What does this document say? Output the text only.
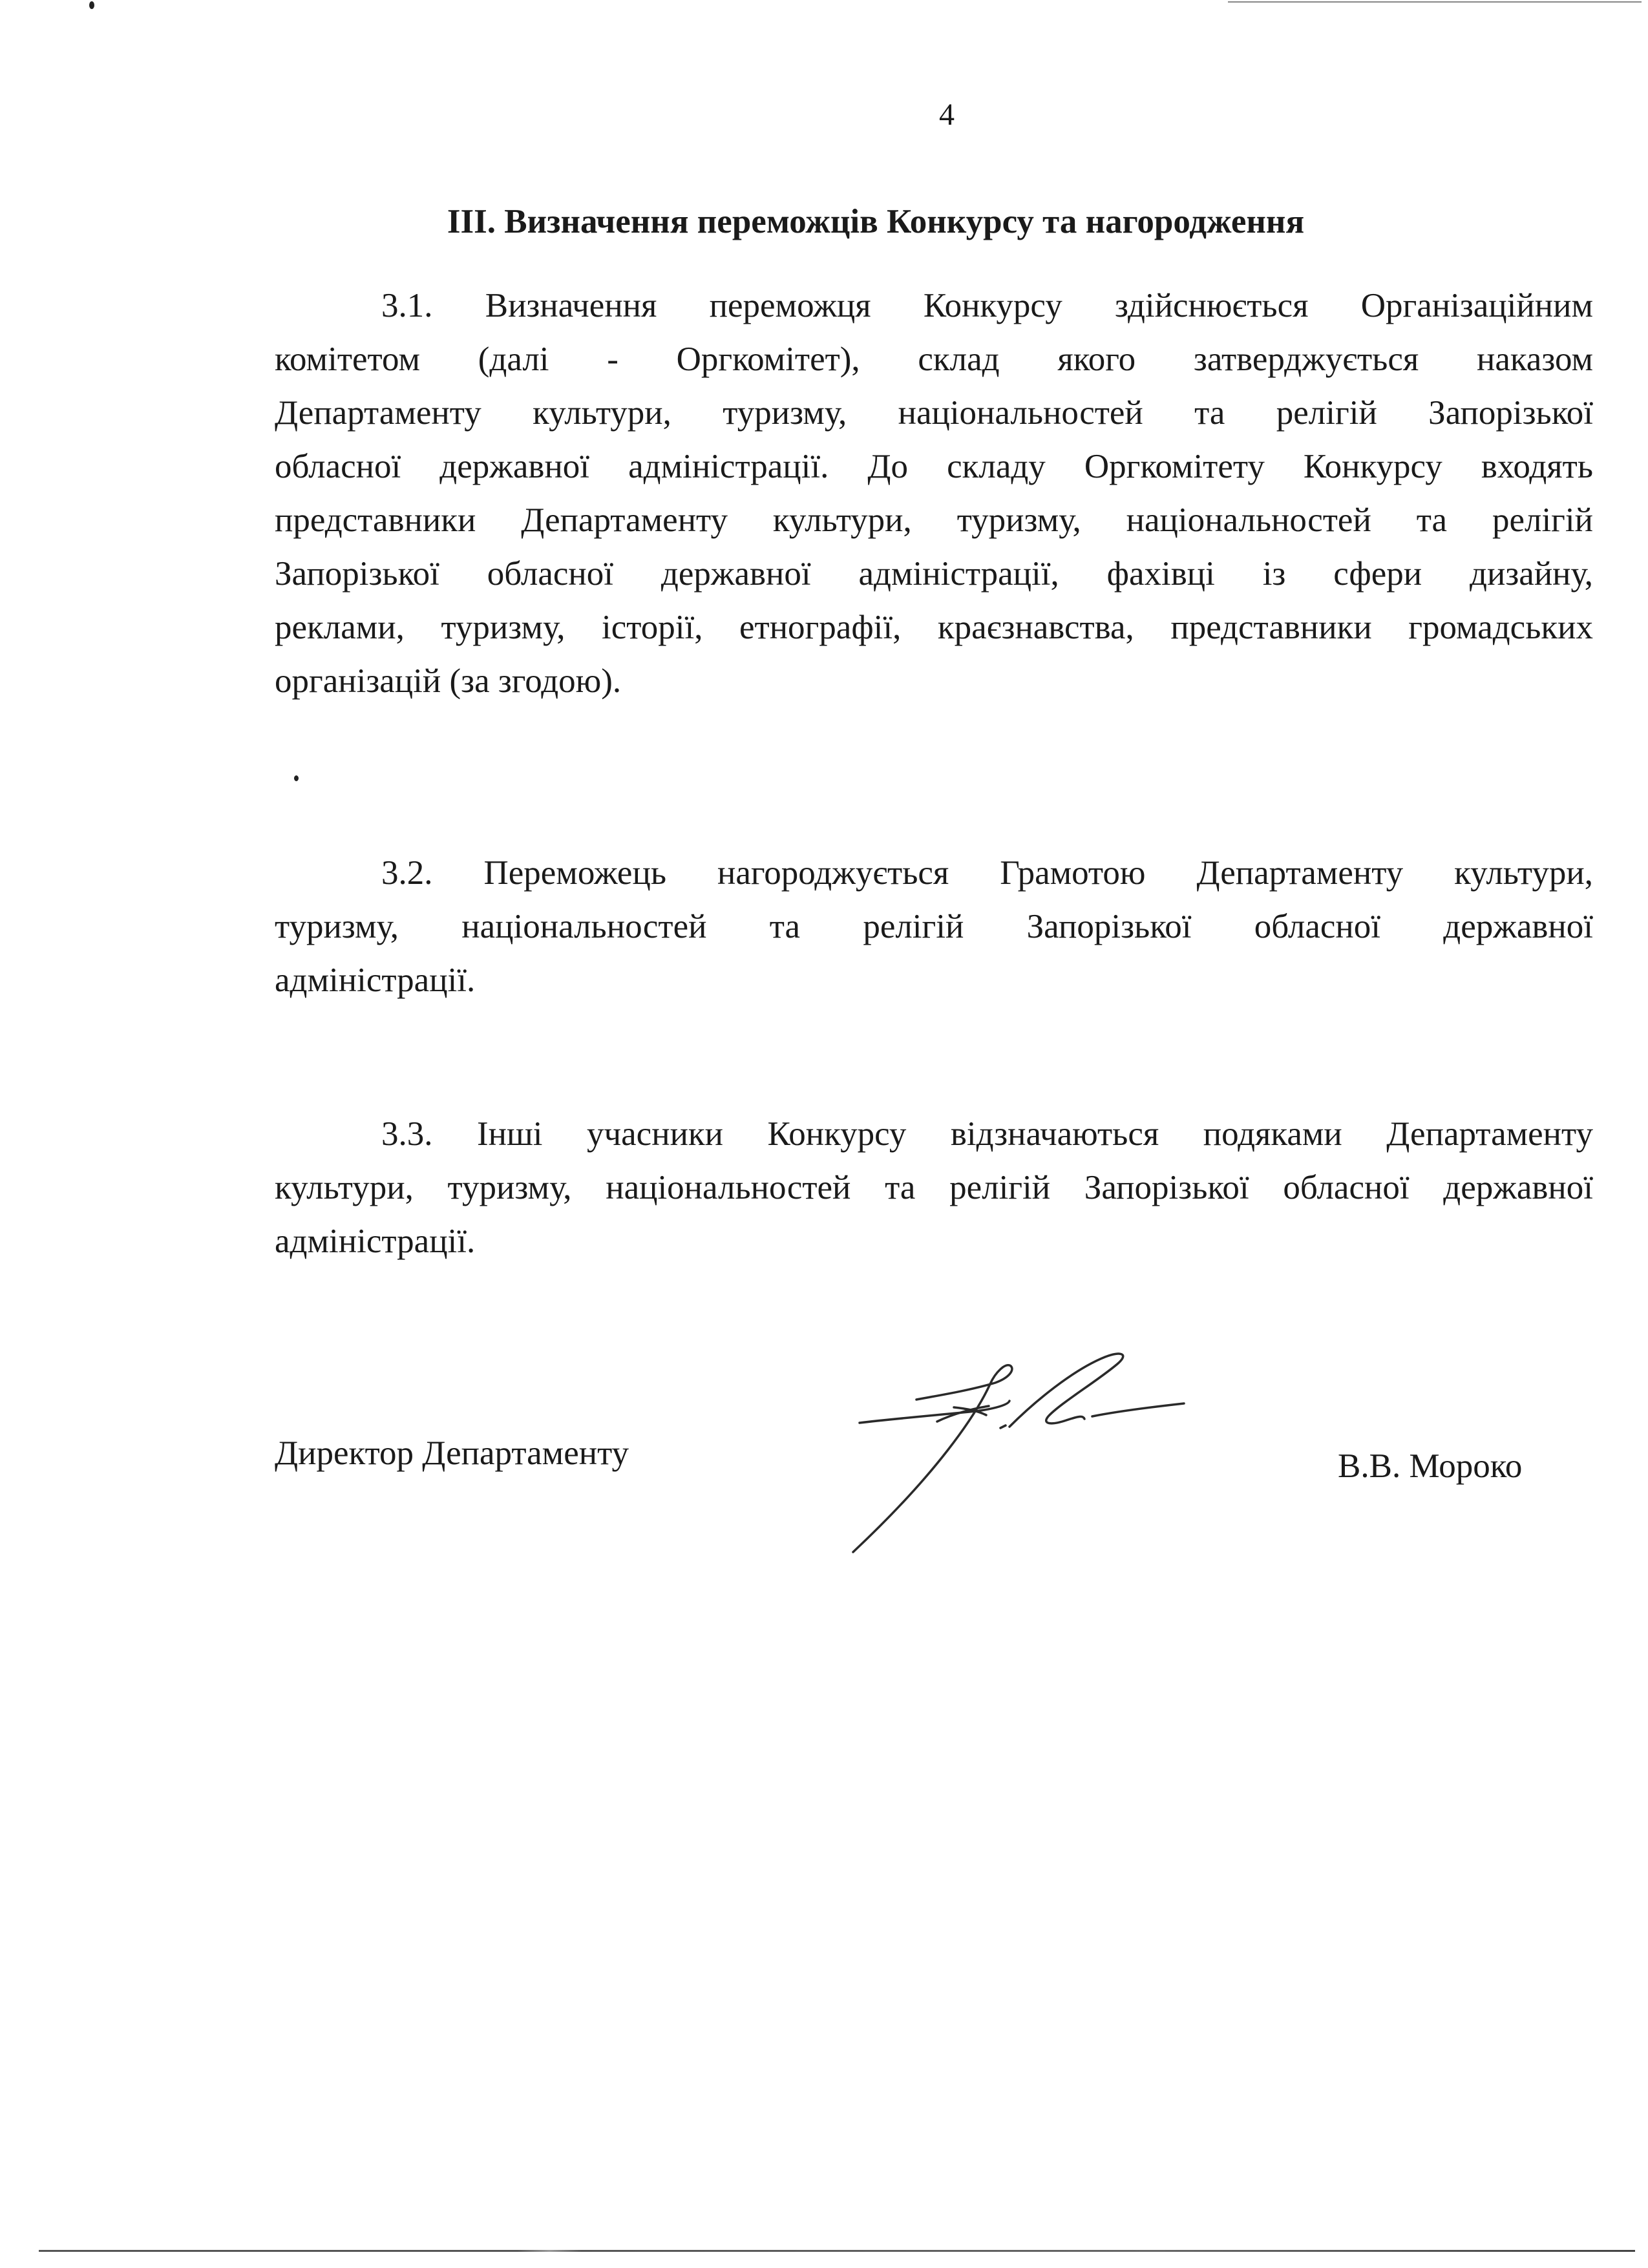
4
ІІІ. Визначення переможців Конкурсу та нагородження
3.1. Визначення переможця Конкурсу здійснюється Організаційним
комітетом (далі - Оргкомітет), склад якого затверджується наказом
Департаменту культури, туризму, національностей та релігій Запорізької
обласної державної адміністрації. До складу Оргкомітету Конкурсу входять
представники Департаменту культури, туризму, національностей та релігій
Запорізької обласної державної адміністрації, фахівці із сфери дизайну,
реклами, туризму, історії, етнографії, краєзнавства, представники громадських
організацій (за згодою).
3.2. Переможець нагороджується Грамотою Департаменту культури,
туризму, національностей та релігій Запорізької обласної державної
адміністрації.
3.3. Інші учасники Конкурсу відзначаються подяками Департаменту
культури, туризму, національностей та релігій Запорізької обласної державної
адміністрації.
Директор Департаменту	В.В. Мороко
